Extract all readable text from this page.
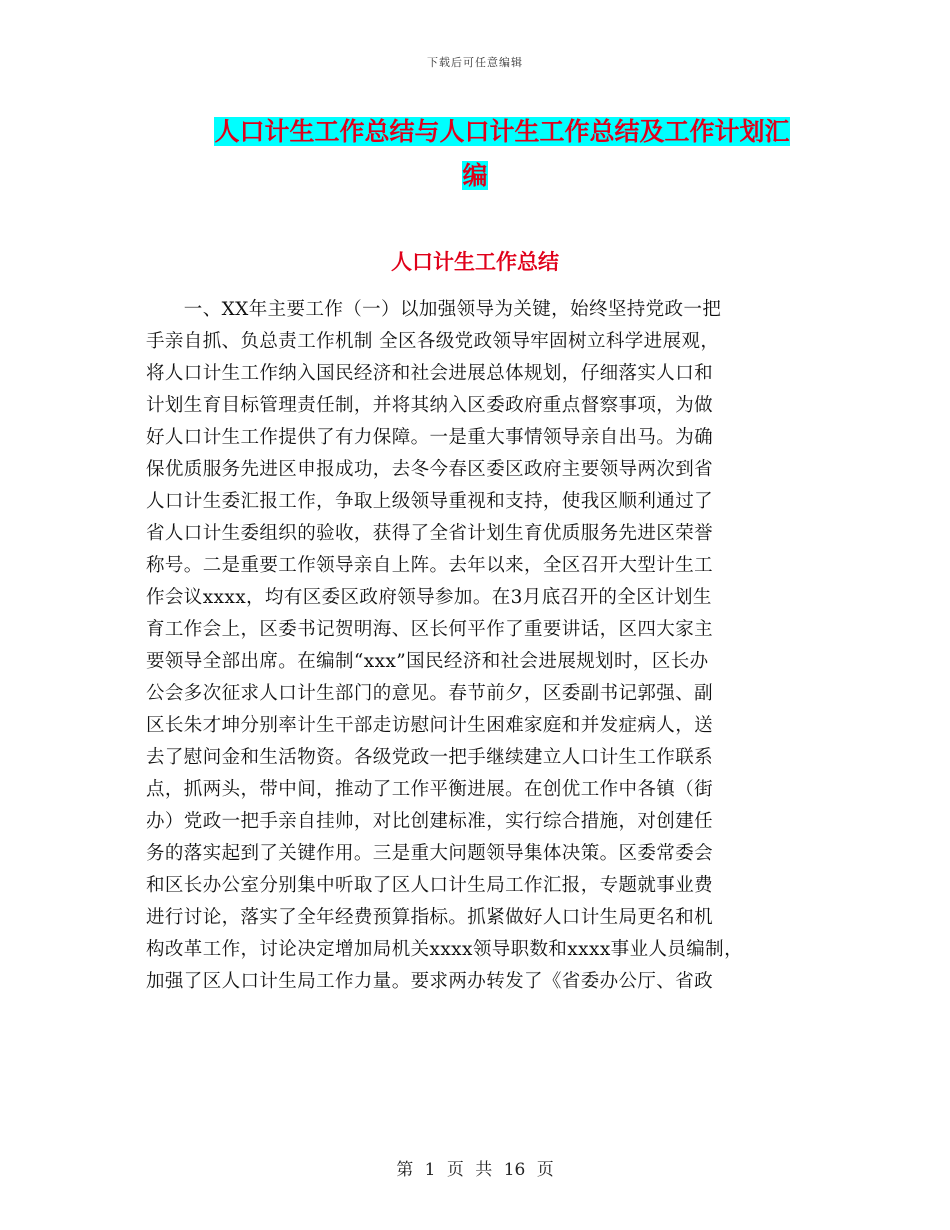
下载后可任意编辑
人口计生工作总结与人口计生工作总结及工作计划汇
编
人口计生工作总结
　　一、XX年主要工作（一）以加强领导为关键，始终坚持党政一把
手亲自抓、负总责工作机制 全区各级党政领导牢固树立科学进展观，
将人口计生工作纳入国民经济和社会进展总体规划，仔细落实人口和
计划生育目标管理责任制，并将其纳入区委政府重点督察事项，为做
好人口计生工作提供了有力保障。一是重大事情领导亲自出马。为确
保优质服务先进区申报成功，去冬今春区委区政府主要领导两次到省
人口计生委汇报工作，争取上级领导重视和支持，使我区顺利通过了
省人口计生委组织的验收，获得了全省计划生育优质服务先进区荣誉
称号。二是重要工作领导亲自上阵。去年以来，全区召开大型计生工
作会议xxxx，均有区委区政府领导参加。在3月底召开的全区计划生
育工作会上，区委书记贺明海、区长何平作了重要讲话，区四大家主
要领导全部出席。在编制“xxx”国民经济和社会进展规划时，区长办
公会多次征求人口计生部门的意见。春节前夕，区委副书记郭强、副
区长朱才坤分别率计生干部走访慰问计生困难家庭和并发症病人，送
去了慰问金和生活物资。各级党政一把手继续建立人口计生工作联系
点，抓两头，带中间，推动了工作平衡进展。在创优工作中各镇（街
办）党政一把手亲自挂帅，对比创建标准，实行综合措施，对创建任
务的落实起到了关键作用。三是重大问题领导集体决策。区委常委会
和区长办公室分别集中听取了区人口计生局工作汇报，专题就事业费
进行讨论，落实了全年经费预算指标。抓紧做好人口计生局更名和机
构改革工作，讨论决定增加局机关xxxx领导职数和xxxx事业人员编制，
加强了区人口计生局工作力量。要求两办转发了《省委办公厅、省政
第 1 页 共 16 页
